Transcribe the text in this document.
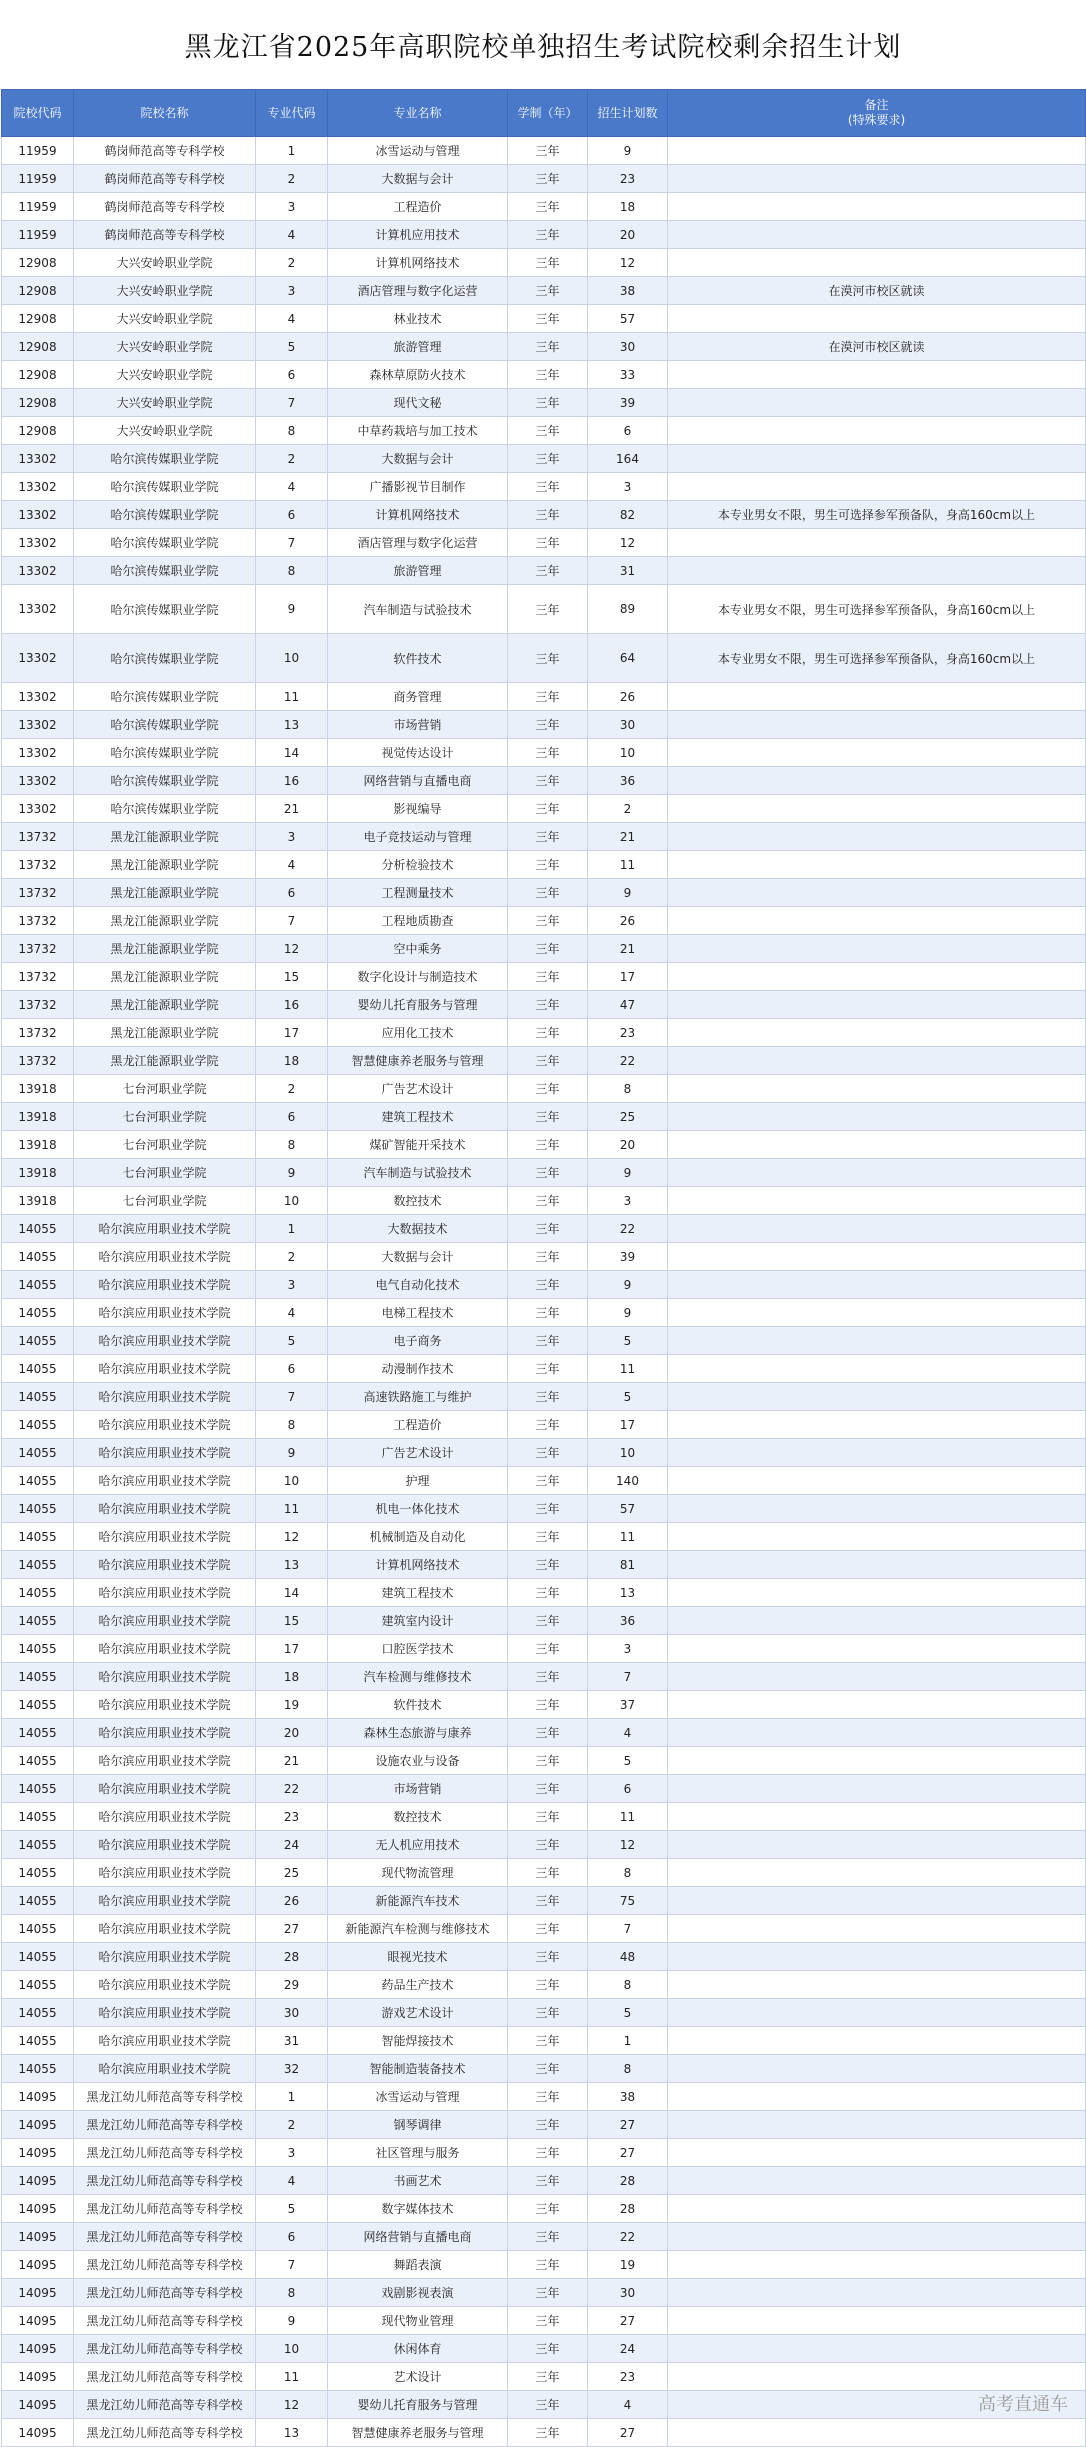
黑龙江省2025年高职院校单独招生考试院校剩余招生计划
院校代码	院校名称	专业代码	专业名称	学制（年）	招生计划数	备注
(特殊要求)
11959	鹤岗师范高等专科学校	1	冰雪运动与管理	三年	9	
11959	鹤岗师范高等专科学校	2	大数据与会计	三年	23	
11959	鹤岗师范高等专科学校	3	工程造价	三年	18	
11959	鹤岗师范高等专科学校	4	计算机应用技术	三年	20	
12908	大兴安岭职业学院	2	计算机网络技术	三年	12	
12908	大兴安岭职业学院	3	酒店管理与数字化运营	三年	38	在漠河市校区就读
12908	大兴安岭职业学院	4	林业技术	三年	57	
12908	大兴安岭职业学院	5	旅游管理	三年	30	在漠河市校区就读
12908	大兴安岭职业学院	6	森林草原防火技术	三年	33	
12908	大兴安岭职业学院	7	现代文秘	三年	39	
12908	大兴安岭职业学院	8	中草药栽培与加工技术	三年	6	
13302	哈尔滨传媒职业学院	2	大数据与会计	三年	164	
13302	哈尔滨传媒职业学院	4	广播影视节目制作	三年	3	
13302	哈尔滨传媒职业学院	6	计算机网络技术	三年	82	本专业男女不限，男生可选择参军预备队，身高160cm以上
13302	哈尔滨传媒职业学院	7	酒店管理与数字化运营	三年	12	
13302	哈尔滨传媒职业学院	8	旅游管理	三年	31	
13302	哈尔滨传媒职业学院	9	汽车制造与试验技术	三年	89	本专业男女不限，男生可选择参军预备队，身高160cm以上
13302	哈尔滨传媒职业学院	10	软件技术	三年	64	本专业男女不限，男生可选择参军预备队，身高160cm以上
13302	哈尔滨传媒职业学院	11	商务管理	三年	26	
13302	哈尔滨传媒职业学院	13	市场营销	三年	30	
13302	哈尔滨传媒职业学院	14	视觉传达设计	三年	10	
13302	哈尔滨传媒职业学院	16	网络营销与直播电商	三年	36	
13302	哈尔滨传媒职业学院	21	影视编导	三年	2	
13732	黑龙江能源职业学院	3	电子竞技运动与管理	三年	21	
13732	黑龙江能源职业学院	4	分析检验技术	三年	11	
13732	黑龙江能源职业学院	6	工程测量技术	三年	9	
13732	黑龙江能源职业学院	7	工程地质勘查	三年	26	
13732	黑龙江能源职业学院	12	空中乘务	三年	21	
13732	黑龙江能源职业学院	15	数字化设计与制造技术	三年	17	
13732	黑龙江能源职业学院	16	婴幼儿托育服务与管理	三年	47	
13732	黑龙江能源职业学院	17	应用化工技术	三年	23	
13732	黑龙江能源职业学院	18	智慧健康养老服务与管理	三年	22	
13918	七台河职业学院	2	广告艺术设计	三年	8	
13918	七台河职业学院	6	建筑工程技术	三年	25	
13918	七台河职业学院	8	煤矿智能开采技术	三年	20	
13918	七台河职业学院	9	汽车制造与试验技术	三年	9	
13918	七台河职业学院	10	数控技术	三年	3	
14055	哈尔滨应用职业技术学院	1	大数据技术	三年	22	
14055	哈尔滨应用职业技术学院	2	大数据与会计	三年	39	
14055	哈尔滨应用职业技术学院	3	电气自动化技术	三年	9	
14055	哈尔滨应用职业技术学院	4	电梯工程技术	三年	9	
14055	哈尔滨应用职业技术学院	5	电子商务	三年	5	
14055	哈尔滨应用职业技术学院	6	动漫制作技术	三年	11	
14055	哈尔滨应用职业技术学院	7	高速铁路施工与维护	三年	5	
14055	哈尔滨应用职业技术学院	8	工程造价	三年	17	
14055	哈尔滨应用职业技术学院	9	广告艺术设计	三年	10	
14055	哈尔滨应用职业技术学院	10	护理	三年	140	
14055	哈尔滨应用职业技术学院	11	机电一体化技术	三年	57	
14055	哈尔滨应用职业技术学院	12	机械制造及自动化	三年	11	
14055	哈尔滨应用职业技术学院	13	计算机网络技术	三年	81	
14055	哈尔滨应用职业技术学院	14	建筑工程技术	三年	13	
14055	哈尔滨应用职业技术学院	15	建筑室内设计	三年	36	
14055	哈尔滨应用职业技术学院	17	口腔医学技术	三年	3	
14055	哈尔滨应用职业技术学院	18	汽车检测与维修技术	三年	7	
14055	哈尔滨应用职业技术学院	19	软件技术	三年	37	
14055	哈尔滨应用职业技术学院	20	森林生态旅游与康养	三年	4	
14055	哈尔滨应用职业技术学院	21	设施农业与设备	三年	5	
14055	哈尔滨应用职业技术学院	22	市场营销	三年	6	
14055	哈尔滨应用职业技术学院	23	数控技术	三年	11	
14055	哈尔滨应用职业技术学院	24	无人机应用技术	三年	12	
14055	哈尔滨应用职业技术学院	25	现代物流管理	三年	8	
14055	哈尔滨应用职业技术学院	26	新能源汽车技术	三年	75	
14055	哈尔滨应用职业技术学院	27	新能源汽车检测与维修技术	三年	7	
14055	哈尔滨应用职业技术学院	28	眼视光技术	三年	48	
14055	哈尔滨应用职业技术学院	29	药品生产技术	三年	8	
14055	哈尔滨应用职业技术学院	30	游戏艺术设计	三年	5	
14055	哈尔滨应用职业技术学院	31	智能焊接技术	三年	1	
14055	哈尔滨应用职业技术学院	32	智能制造装备技术	三年	8	
14095	黑龙江幼儿师范高等专科学校	1	冰雪运动与管理	三年	38	
14095	黑龙江幼儿师范高等专科学校	2	钢琴调律	三年	27	
14095	黑龙江幼儿师范高等专科学校	3	社区管理与服务	三年	27	
14095	黑龙江幼儿师范高等专科学校	4	书画艺术	三年	28	
14095	黑龙江幼儿师范高等专科学校	5	数字媒体技术	三年	28	
14095	黑龙江幼儿师范高等专科学校	6	网络营销与直播电商	三年	22	
14095	黑龙江幼儿师范高等专科学校	7	舞蹈表演	三年	19	
14095	黑龙江幼儿师范高等专科学校	8	戏剧影视表演	三年	30	
14095	黑龙江幼儿师范高等专科学校	9	现代物业管理	三年	27	
14095	黑龙江幼儿师范高等专科学校	10	休闲体育	三年	24	
14095	黑龙江幼儿师范高等专科学校	11	艺术设计	三年	23	
14095	黑龙江幼儿师范高等专科学校	12	婴幼儿托育服务与管理	三年	4	
14095	黑龙江幼儿师范高等专科学校	13	智慧健康养老服务与管理	三年	27	
高考直通车
